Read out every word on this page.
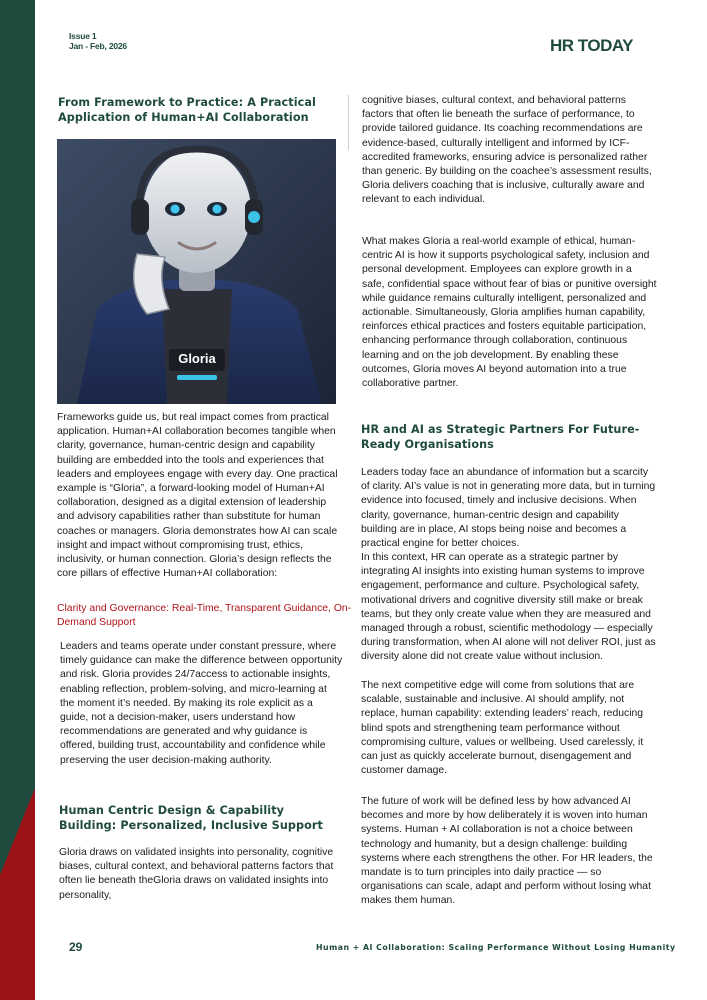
Issue 1
Jan - Feb, 2026	HR TODAY
From Framework to Practice: A Practical Application of Human+AI Collaboration
Gloria

Frameworks guide us, but real impact comes from practical application. Human+AI collaboration becomes tangible when clarity, governance, human-centric design and capability building are embedded into the tools and experiences that leaders and employees engage with every day. One practical example is “Gloria”, a forward-looking model of Human+AI collaboration, designed as a digital extension of leadership and advisory capabilities rather than substitute for human coaches or managers. Gloria demonstrates how AI can scale insight and impact without compromising trust, ethics, inclusivity, or human connection. Gloria’s design reflects the core pillars of effective Human+AI collaboration:

Clarity and Governance: Real-Time, Transparent Guidance, On-Demand Support

Leaders and teams operate under constant pressure, where timely guidance can make the difference between opportunity and risk. Gloria provides 24/7access to actionable insights, enabling reflection, problem-solving, and micro-learning at the moment it’s needed. By making its role explicit as a guide, not a decision-maker, users understand how recommendations are generated and why guidance is offered, building trust, accountability and confidence while preserving the user decision-making authority.

Human Centric Design & Capability Building: Personalized, Inclusive Support

Gloria draws on validated insights into personality, cognitive biases, cultural context, and behavioral patterns factors that often lie beneath theGloria draws on validated insights into personality,

cognitive biases, cultural context, and behavioral patterns factors that often lie beneath the surface of performance, to provide tailored guidance. Its coaching recommendations are evidence-based, culturally intelligent and informed by ICF-accredited frameworks, ensuring advice is personalized rather than generic. By building on the coachee’s assessment results, Gloria delivers coaching that is inclusive, culturally aware and relevant to each individual.

What makes Gloria a real-world example of ethical, human-centric AI is how it supports psychological safety, inclusion and personal development. Employees can explore growth in a safe, confidential space without fear of bias or punitive oversight while guidance remains culturally intelligent, personalized and actionable. Simultaneously, Gloria amplifies human capability, reinforces ethical practices and fosters equitable participation, enhancing performance through collaboration, continuous learning and on the job development. By enabling these outcomes, Gloria moves AI beyond automation into a true collaborative partner.

HR and AI as Strategic Partners For Future-Ready Organisations

Leaders today face an abundance of information but a scarcity of clarity. AI’s value is not in generating more data, but in turning evidence into focused, timely and inclusive decisions. When clarity, governance, human-centric design and capability building are in place, AI stops being noise and becomes a practical engine for better choices.

In this context, HR can operate as a strategic partner by integrating AI insights into existing human systems to improve engagement, performance and culture. Psychological safety, motivational drivers and cognitive diversity still make or break teams, but they only create value when they are measured and managed through a robust, scientific methodology — especially during transformation, when AI alone will not deliver ROI, just as diversity alone did not create value without inclusion.

The next competitive edge will come from solutions that are scalable, sustainable and inclusive. AI should amplify, not replace, human capability: extending leaders’ reach, reducing blind spots and strengthening team performance without compromising culture, values or wellbeing. Used carelessly, it can just as quickly accelerate burnout, disengagement and customer damage.

The future of work will be defined less by how advanced AI becomes and more by how deliberately it is woven into human systems. Human + AI collaboration is not a choice between technology and humanity, but a design challenge: building systems where each strengthens the other. For HR leaders, the mandate is to turn principles into daily practice — so organisations can scale, adapt and perform without losing what makes them human.

29	Human + AI Collaboration: Scaling Performance Without Losing Humanity
